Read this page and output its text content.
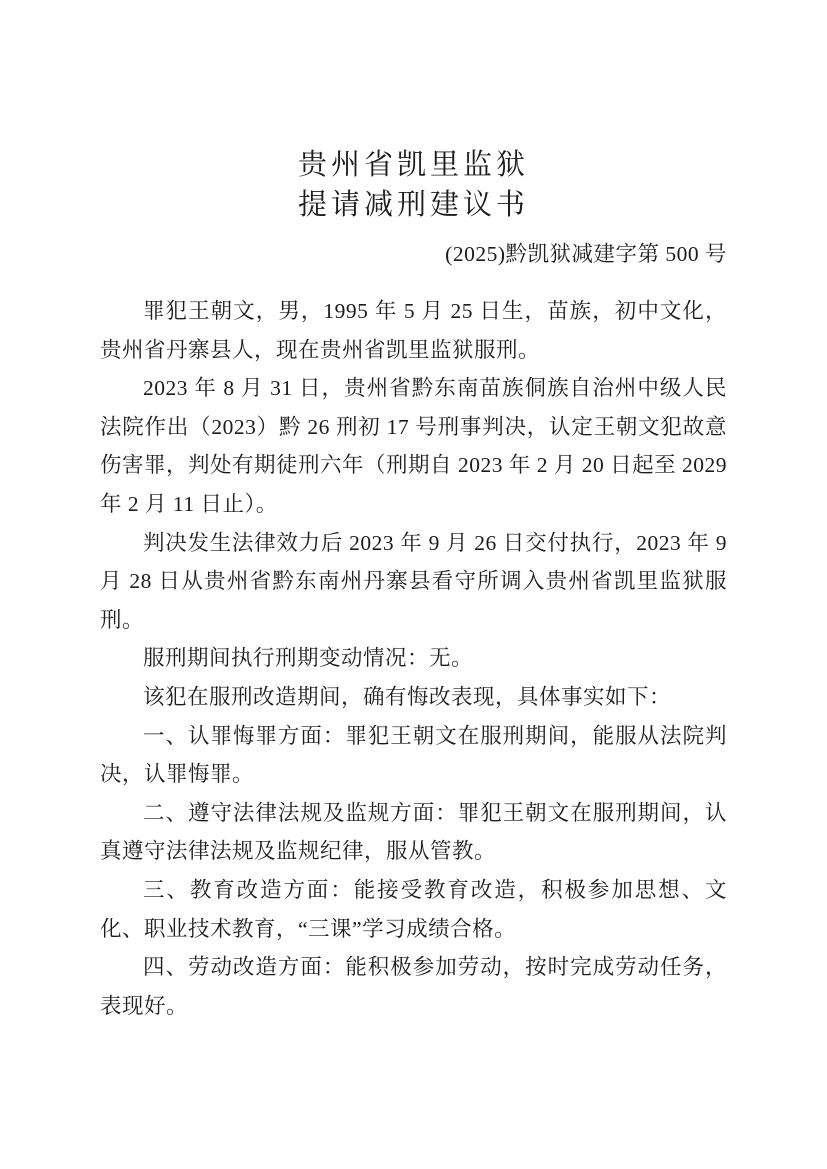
贵州省凯里监狱
提请减刑建议书
(2025)黔凯狱减建字第 500 号

罪犯王朝文，男，1995 年 5 月 25 日生，苗族，初中文化，贵州省丹寨县人，现在贵州省凯里监狱服刑。

2023 年 8 月 31 日，贵州省黔东南苗族侗族自治州中级人民法院作出（2023）黔 26 刑初 17 号刑事判决，认定王朝文犯故意伤害罪，判处有期徒刑六年（刑期自 2023 年 2 月 20 日起至 2029 年 2 月 11 日止）。

判决发生法律效力后 2023 年 9 月 26 日交付执行，2023 年 9 月 28 日从贵州省黔东南州丹寨县看守所调入贵州省凯里监狱服刑。

服刑期间执行刑期变动情况：无。

该犯在服刑改造期间，确有悔改表现，具体事实如下：

一、认罪悔罪方面：罪犯王朝文在服刑期间，能服从法院判决，认罪悔罪。

二、遵守法律法规及监规方面：罪犯王朝文在服刑期间，认真遵守法律法规及监规纪律，服从管教。

三、教育改造方面：能接受教育改造，积极参加思想、文化、职业技术教育，“三课”学习成绩合格。

四、劳动改造方面：能积极参加劳动，按时完成劳动任务，表现好。
